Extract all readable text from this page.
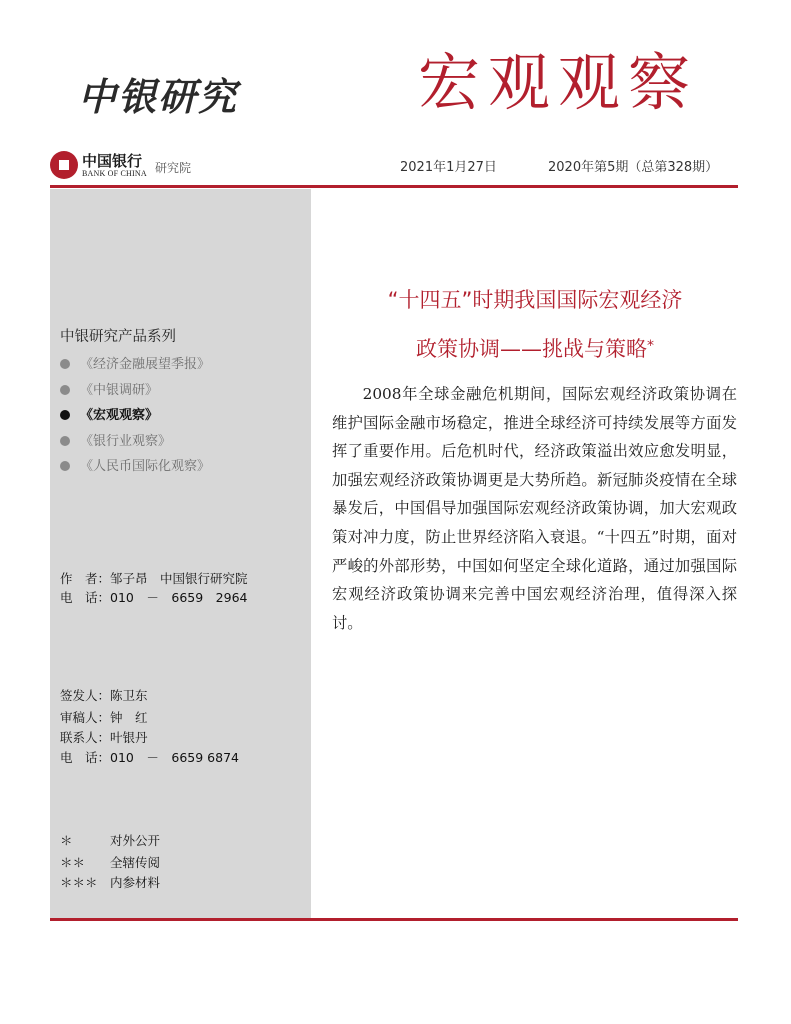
中银研究	宏观观察
中国银行
BANK OF CHINA 研究院	2021年1月27日	2020年第5期（总第328期）
中银研究产品系列
《经济金融展望季报》
《中银调研》
《宏观观察》
《银行业观察》
《人民币国际化观察》
作　者：邹子昂　中国银行研究院
电　话：010　－　6659　2964
签发人：陈卫东
审稿人：钟　红
联系人：叶银丹
电　话：010　－　6659 6874
＊	对外公开
＊＊ 全辖传阅
＊＊＊ 内参材料
“十四五”时期我国国际宏观经济
政策协调——挑战与策略*

2008年全球金融危机期间，国际宏观经济政策协调在维护国际金融市场稳定，推进全球经济可持续发展等方面发挥了重要作用。后危机时代，经济政策溢出效应愈发明显，加强宏观经济政策协调更是大势所趋。新冠肺炎疫情在全球暴发后，中国倡导加强国际宏观经济政策协调，加大宏观政策对冲力度，防止世界经济陷入衰退。“十四五”时期，面对严峻的外部形势，中国如何坚定全球化道路，通过加强国际宏观经济政策协调来完善中国宏观经济治理，值得深入探讨。
